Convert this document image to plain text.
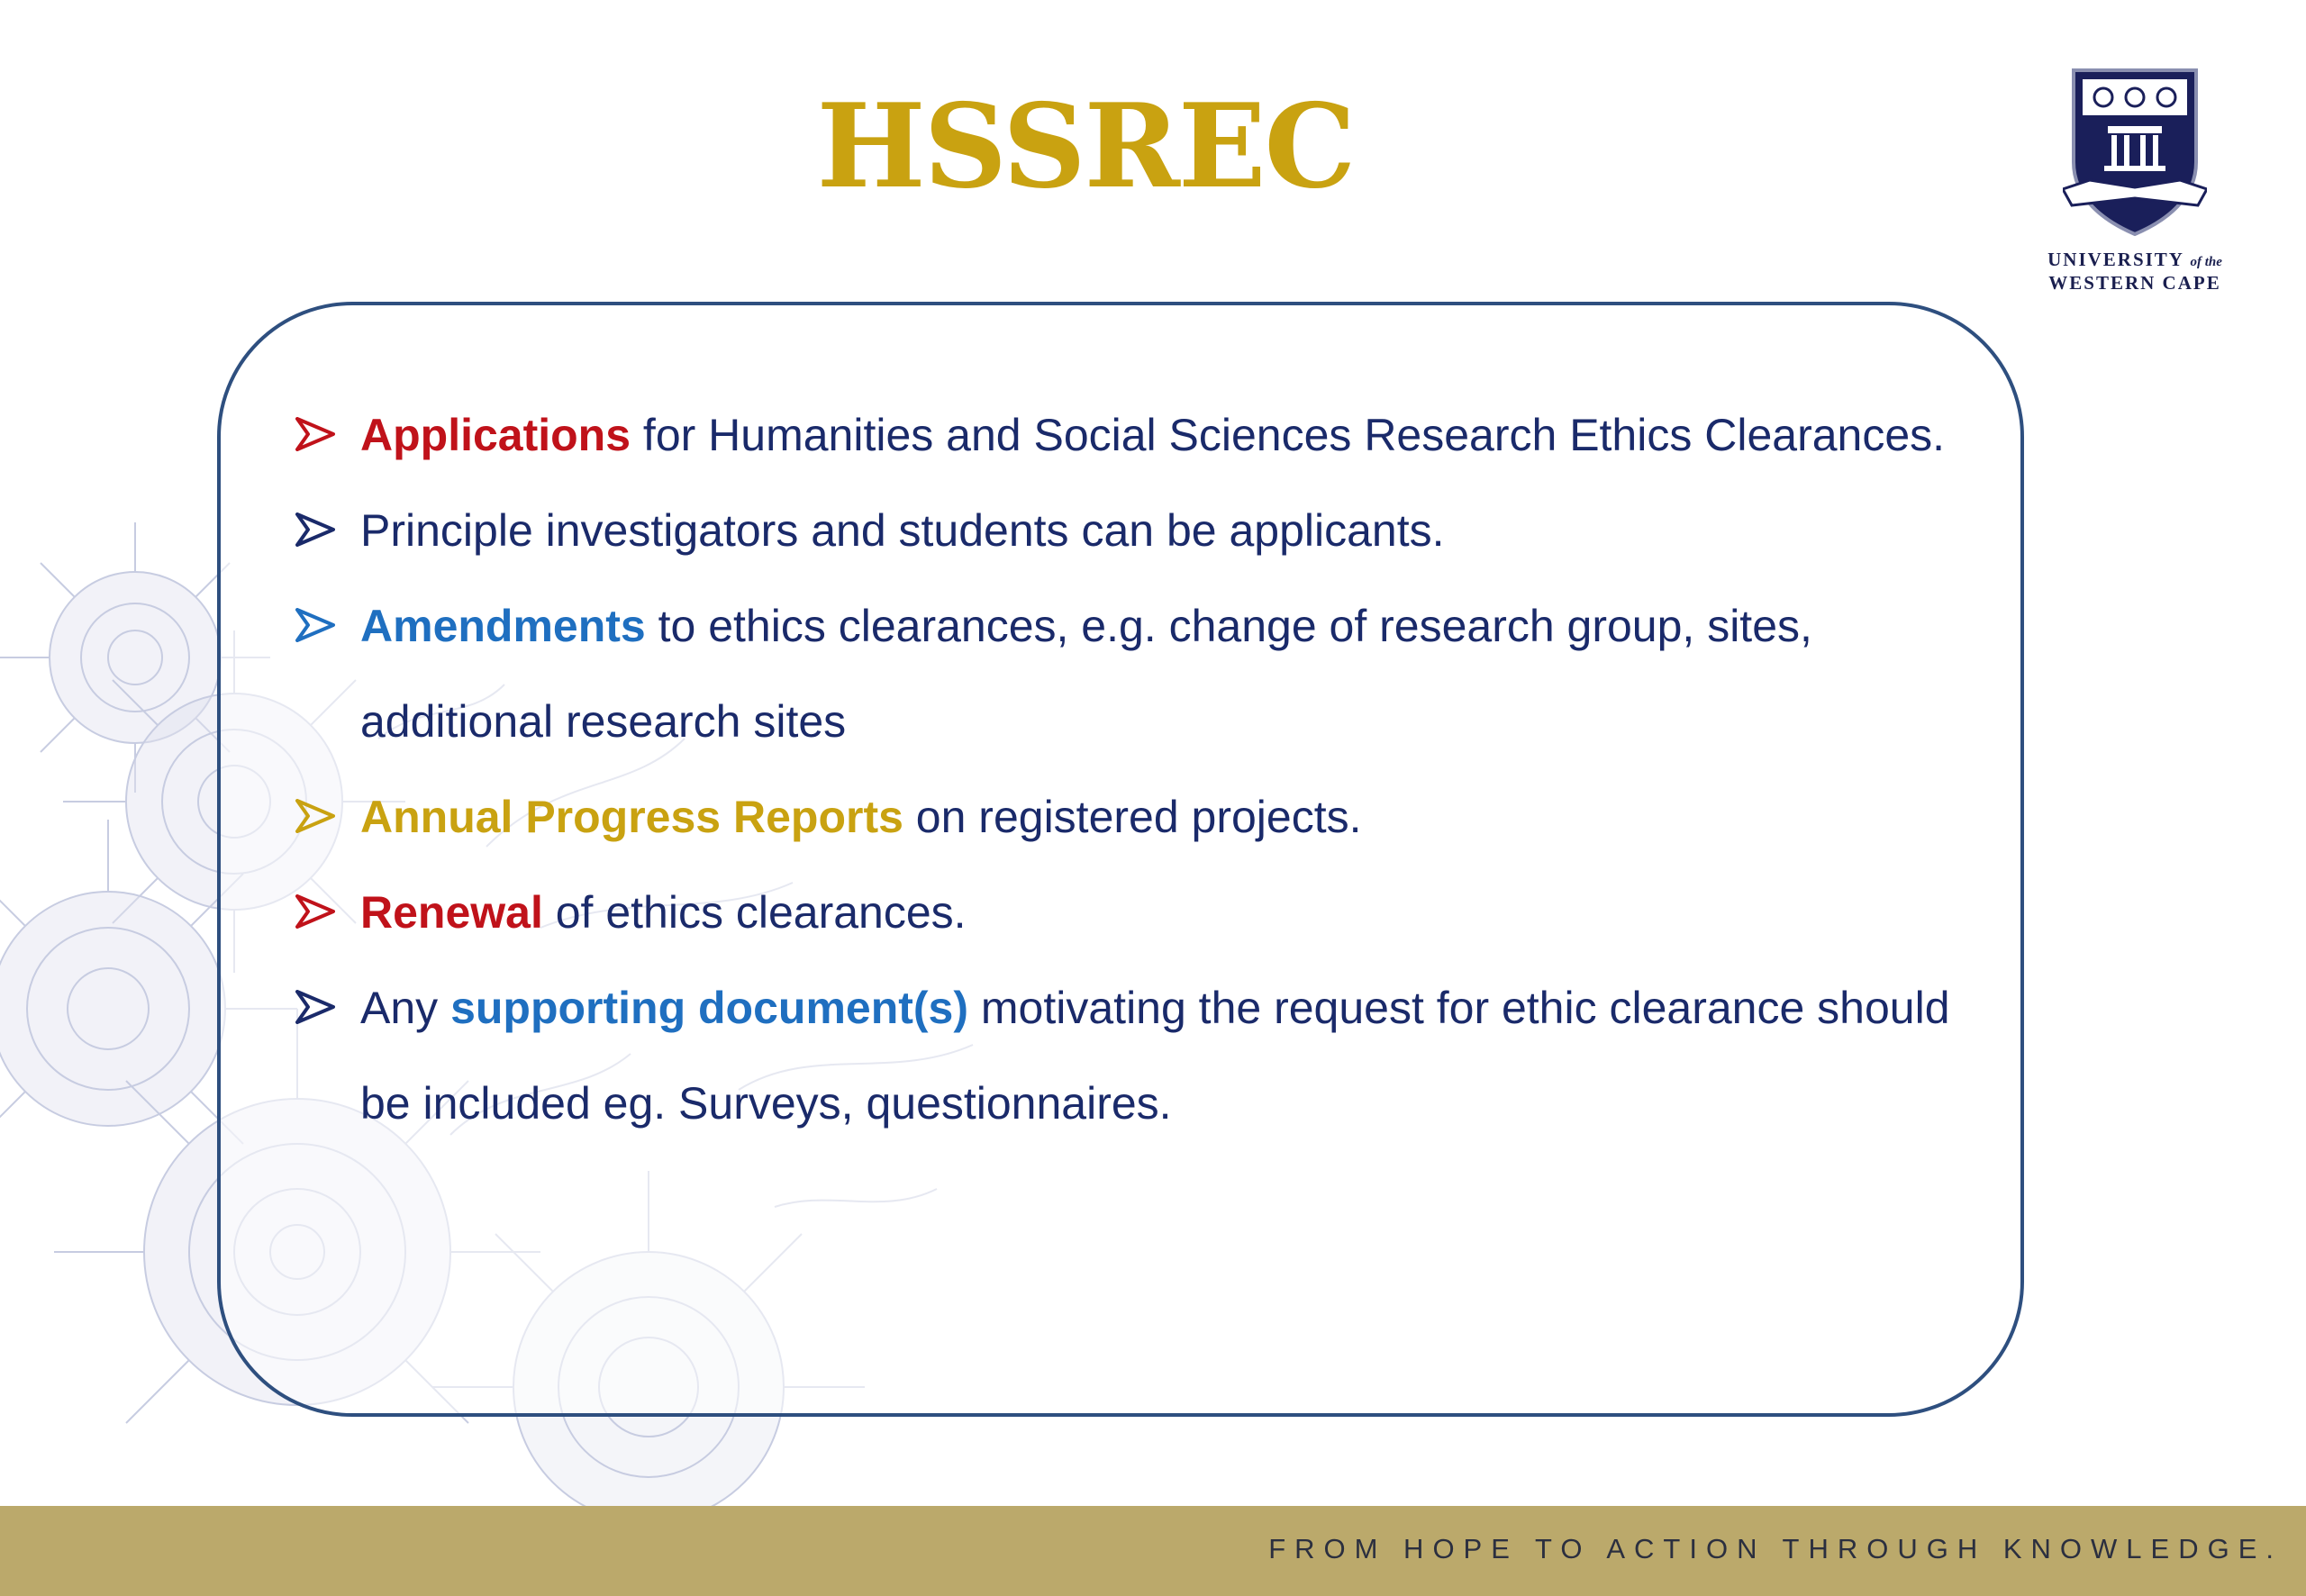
HSSREC
UNIVERSITY of the
WESTERN CAPE
Applications for Humanities and Social Sciences Research Ethics Clearances.
Principle investigators and students can be applicants.
Amendments to ethics clearances, e.g. change of research group, sites, additional research sites
Annual Progress Reports on registered projects.
Renewal of ethics clearances.
Any supporting document(s) motivating the request for ethic clearance should be included eg. Surveys, questionnaires.
FROM HOPE TO ACTION THROUGH KNOWLEDGE.
